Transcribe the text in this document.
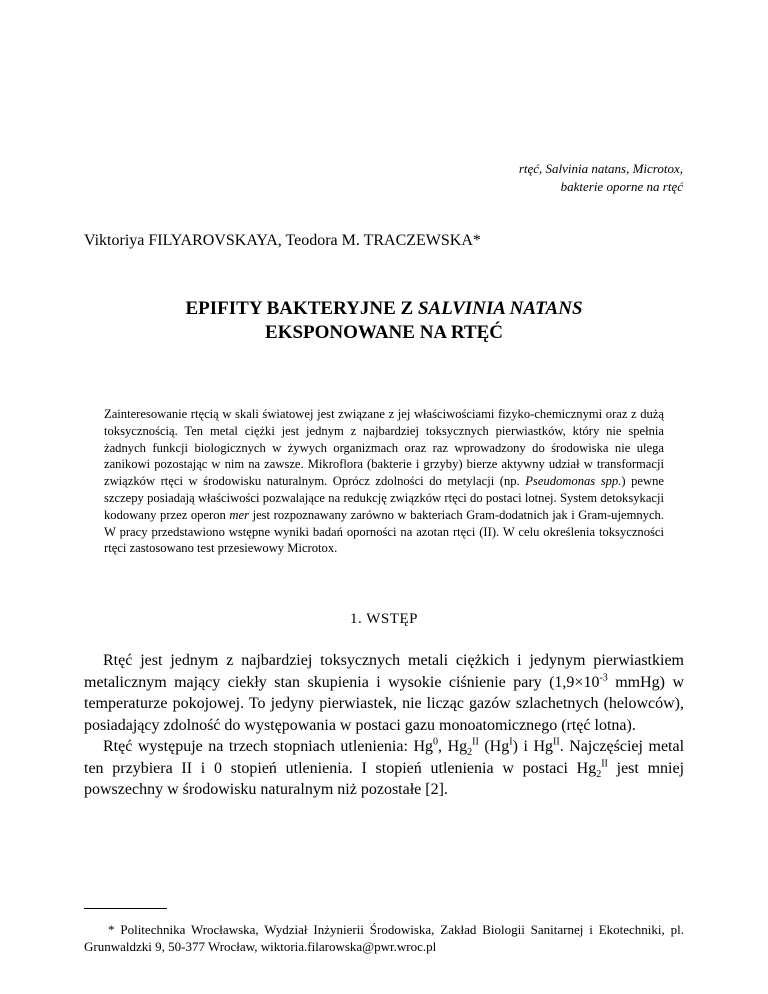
rtęć, Salvinia natans, Microtox,
bakterie oporne na rtęć
Viktoriya FILYAROVSKAYA, Teodora M. TRACZEWSKA*
EPIFITY BAKTERYJNE Z SALVINIA NATANS
EKSPONOWANE NA RTĘĆ
Zainteresowanie rtęcią w skali światowej jest związane z jej właściwościami fizyko-chemicznymi oraz z dużą toksycznością. Ten metal ciężki jest jednym z najbardziej toksycznych pierwiastków, który nie spełnia żadnych funkcji biologicznych w żywych organizmach oraz raz wprowadzony do środowiska nie ulega zanikowi pozostając w nim na zawsze. Mikroflora (bakterie i grzyby) bierze aktywny udział w transformacji związków rtęci w środowisku naturalnym. Oprócz zdolności do metylacji (np. Pseudomonas spp.) pewne szczepy posiadają właściwości pozwalające na redukcję związków rtęci do postaci lotnej. System detoksykacji kodowany przez operon mer jest rozpoznawany zarówno w bakteriach Gram-dodatnich jak i Gram-ujemnych. W pracy przedstawiono wstępne wyniki badań oporności na azotan rtęci (II). W celu określenia toksyczności rtęci zastosowano test przesiewowy Microtox.
1. WSTĘP

Rtęć jest jednym z najbardziej toksycznych metali ciężkich i jedynym pierwiastkiem metalicznym mający ciekły stan skupienia i wysokie ciśnienie pary ($1,9\times 10^{-3}$ mmHg) w temperaturze pokojowej. To jedyny pierwiastek, nie licząc gazów szlachetnych (helowców), posiadający zdolność do występowania w postaci gazu monoatomicznego (rtęć lotna).

Rtęć występuje na trzech stopniach utlenienia: Hg$^0$, $Hg_2^{II}$ $(Hg^I)$ i $Hg^{II}$. Najczęściej metal ten przybiera II i 0 stopień utlenienia. I stopień utlenienia w postaci $Hg_2^{II}$ jest mniej powszechny w środowisku naturalnym niż pozostałe [2].

* Politechnika Wrocławska, Wydział Inżynierii Środowiska, Zakład Biologii Sanitarnej i Ekotechniki, pl. Grunwaldzki 9, 50-377 Wrocław, wiktoria.filarowska@pwr.wroc.pl
